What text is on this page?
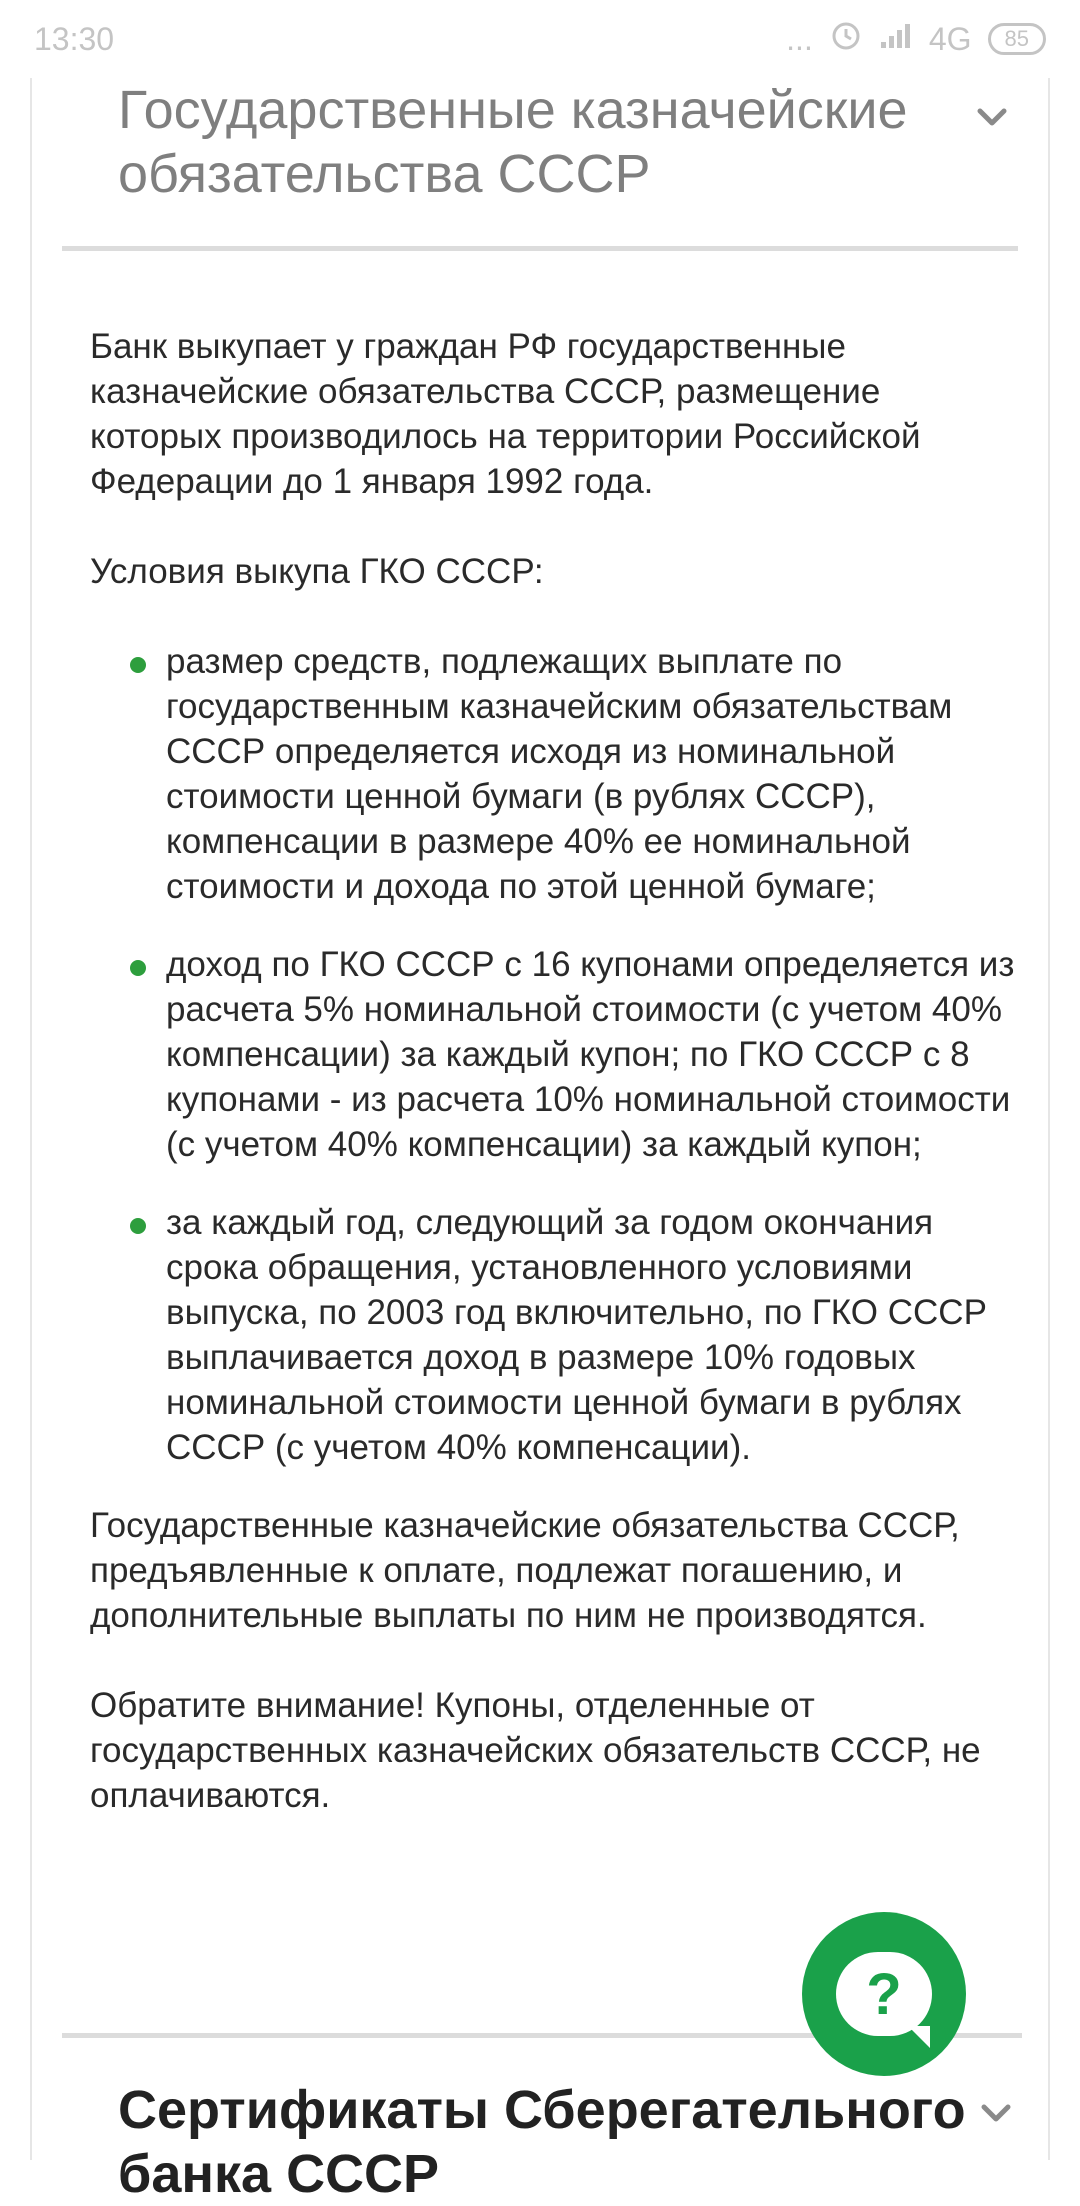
13:30	...	4G	85
Государственные казначейские обязательства СССР

Банк выкупает у граждан РФ государственные казначейские обязательства СССР, размещение которых производилось на территории Российской Федерации до 1 января 1992 года.

Условия выкупа ГКО СССР:

размер средств, подлежащих выплате по государственным казначейским обязательствам СССР определяется исходя из номинальной стоимости ценной бумаги (в рублях СССР), компенсации в размере 40% ее номинальной стоимости и дохода по этой ценной бумаге;
доход по ГКО СССР с 16 купонами определяется из расчета 5% номинальной стоимости (с учетом 40% компенсации) за каждый купон; по ГКО СССР с 8 купонами - из расчета 10% номинальной стоимости (с учетом 40% компенсации) за каждый купон;
за каждый год, следующий за годом окончания срока обращения, установленного условиями выпуска, по 2003 год включительно, по ГКО СССР выплачивается доход в размере 10% годовых номинальной стоимости ценной бумаги в рублях СССР (с учетом 40% компенсации).

Государственные казначейские обязательства СССР, предъявленные к оплате, подлежат погашению, и дополнительные выплаты по ним не производятся.

Обратите внимание! Купоны, отделенные от государственных казначейских обязательств СССР, не оплачиваются.

Сертификаты Сберегательного банка СССР
?
